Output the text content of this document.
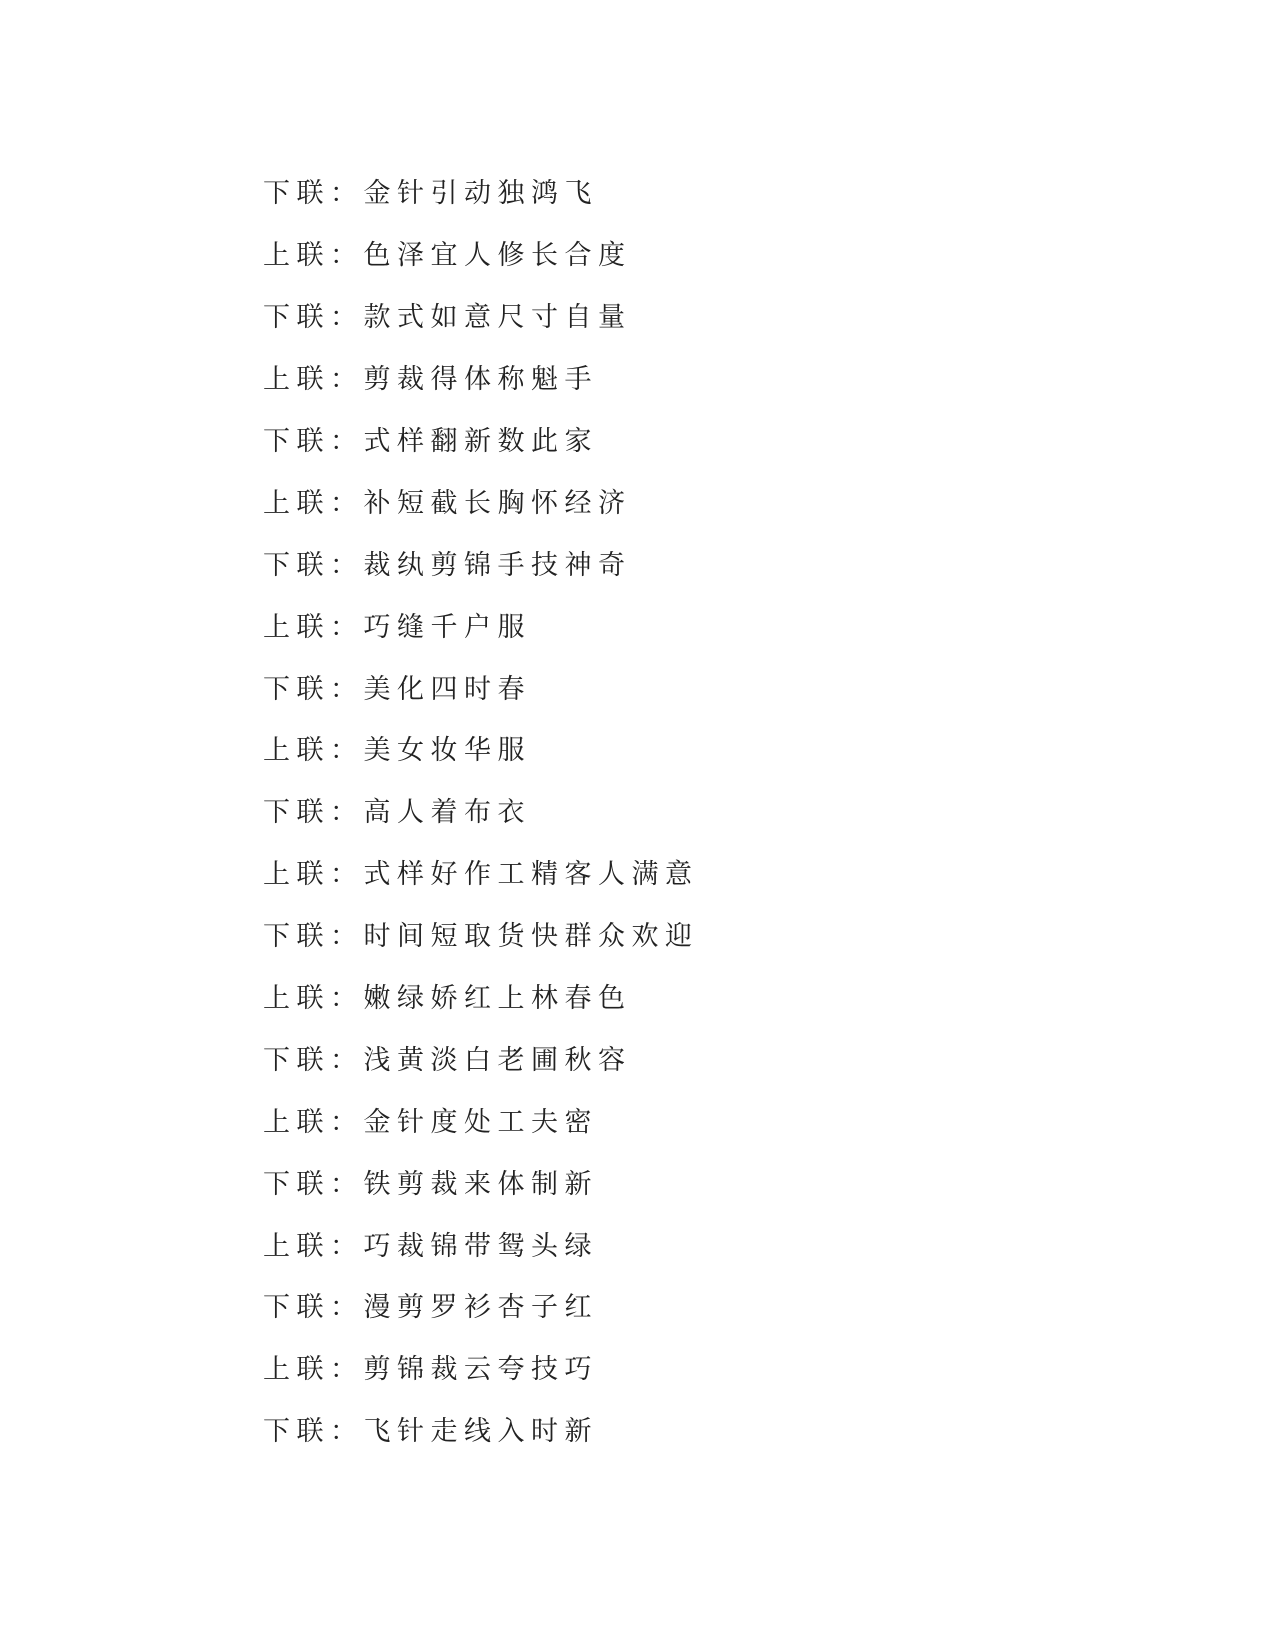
下联 ： 金针引动独鸿飞
上联 ： 色泽宜人修长合度
下联 ： 款式如意尺寸自量
上联 ： 剪裁得体称魁手
下联 ： 式样翻新数此家
上联 ： 补短截长胸怀经济
下联 ： 裁纨剪锦手技神奇
上联 ： 巧缝千户服
下联 ： 美化四时春
上联 ： 美女妆华服
下联 ： 高人着布衣
上联 ： 式样好作工精客人满意
下联 ： 时间短取货快群众欢迎
上联 ： 嫩绿娇红上林春色
下联 ： 浅黄淡白老圃秋容
上联 ： 金针度处工夫密
下联 ： 铁剪裁来体制新
上联 ： 巧裁锦带鸳头绿
下联 ： 漫剪罗衫杏子红
上联 ： 剪锦裁云夸技巧
下联 ： 飞针走线入时新
